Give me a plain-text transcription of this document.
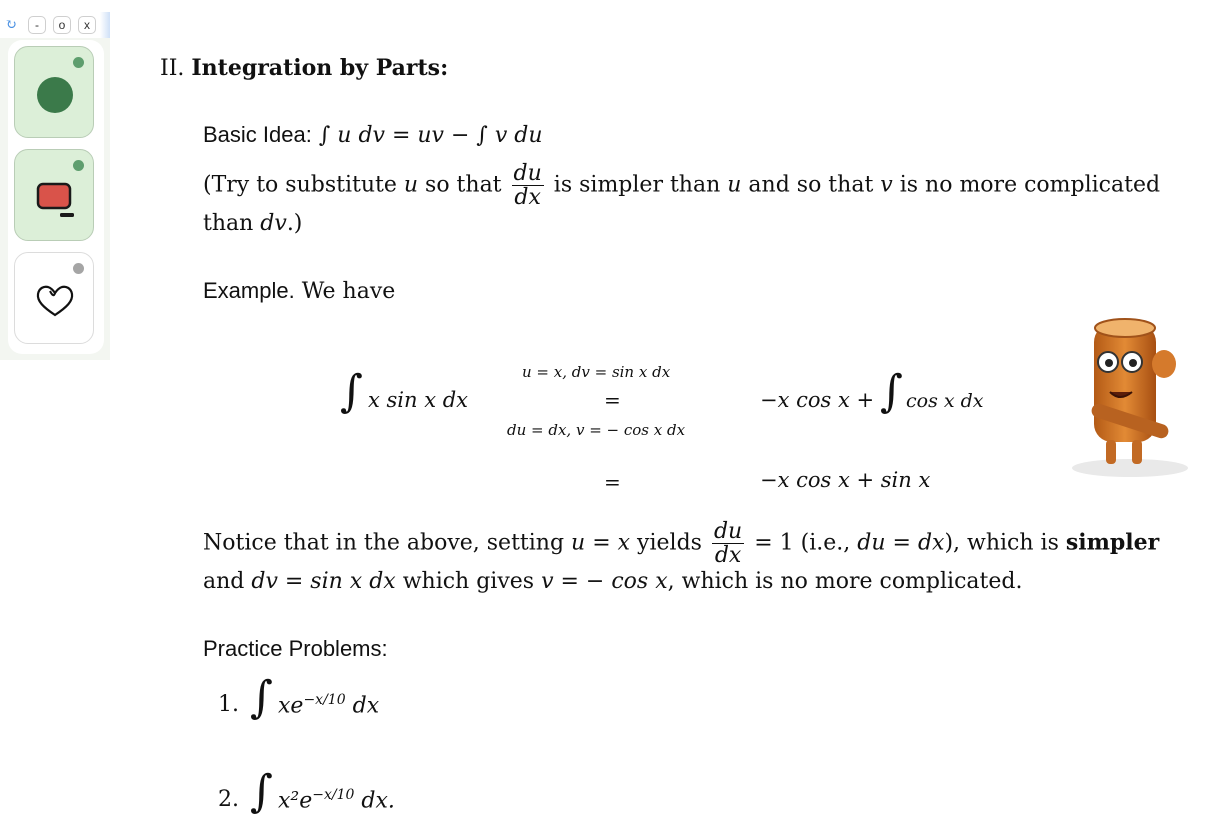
↻	-	o	x
II. Integration by Parts:
Basic Idea: ∫ u dv = uv − ∫ v du
(Try to substitute u so that $\frac{du}{dx}$ is simpler than u and so that v is no more complicated
than dv.)
Example. We have
∫ x sin x dx
u = x, dv = sin x dx
=
du = dx, v = − cos x dx
−x cos x + ∫ cos x dx
=	−x cos x + sin x
Notice that in the above, setting u = x yields $\frac{du}{dx} = 1$ (i.e., du = dx), which is simpler
and dv = sin x dx which gives v = − cos x, which is no more complicated.
Practice Problems:
1. ∫ $xe^{-x/10}$ dx
2. ∫ $x^2e^{-x/10}$ dx.
